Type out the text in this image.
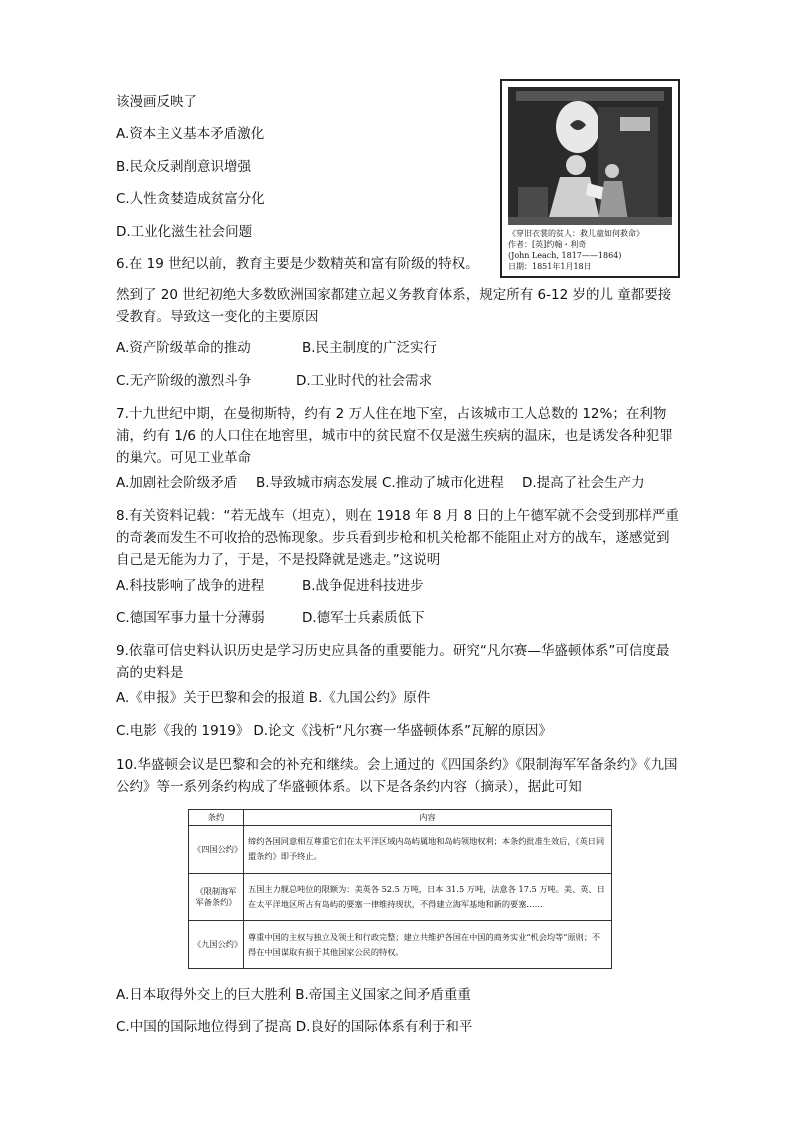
该漫画反映了
A.资本主义基本矛盾激化
B.民众反剥削意识增强
C.人性贪婪造成贫富分化
D.工业化滋生社会问题	《穿旧衣裳的贫人：救儿童如何救命》
作者：[英]约翰・利奇
(John Leach, 1817——1864)
日期：1851年1月18日
6.在 19 世纪以前，教育主要是少数精英和富有阶级的特权。
然到了 20 世纪初绝大多数欧洲国家都建立起义务教育体系，规定所有 6-12 岁的儿 童都要接受教育。导致这一变化的主要原因
A.资产阶级革命的推动	B.民主制度的广泛实行
C.无产阶级的激烈斗争	D.工业时代的社会需求
7.十九世纪中期，在曼彻斯特，约有 2 万人住在地下室，占该城市工人总数的 12%；在利物浦，约有 1/6 的人口住在地窖里，城市中的贫民窟不仅是滋生疾病的温床，也是诱发各种犯罪的巢穴。可见工业革命
A.加剧社会阶级矛盾 B.导致城市病态发展 C.推动了城市化进程 D.提高了社会生产力
8.有关资料记载：“若无战车（坦克），则在 1918 年 8 月 8 日的上午德军就不会受到那样严重的奇袭而发生不可收拾的恐怖现象。步兵看到步枪和机关枪都不能阻止对方的战车，遂感觉到自己是无能为力了，于是，不是投降就是逃走。”这说明
A.科技影响了战争的进程	B.战争促进科技进步
C.德国军事力量十分薄弱	D.德军士兵素质低下
9.依靠可信史料认识历史是学习历史应具备的重要能力。研究“凡尔赛—华盛顿体系”可信度最高的史料是
A.《申报》关于巴黎和会的报道 B.《九国公约》原件
C.电影《我的 1919》 D.论文《浅析“凡尔赛一华盛顿体系”瓦解的原因》
10.华盛顿会议是巴黎和会的补充和继续。会上通过的《四国条约》《限制海军军备条约》《九国公约》等一系列条约构成了华盛顿体系。以下是各条约内容（摘录），据此可知
条约	内容
《四国公约》	缔约各国同意相互尊重它们在太平洋区域内岛屿属地和岛屿领地权利；本条约批准生效后，《英日同盟条约》即予终止。
《限制海军军备条约》	五国主力舰总吨位的限额为：美英各 52.5 万吨，日本 31.5 万吨，法意各 17.5 万吨。美、英、日在太平洋地区所占有岛屿的要塞一律维持现状，不得建立海军基地和新的要塞……
《九国公约》	尊重中国的主权与独立及领土和行政完整；建立共维护各国在中国的商务实业“机会均等”原则；不得在中国谋取有损于其他国家公民的特权。
A.日本取得外交上的巨大胜利 B.帝国主义国家之间矛盾重重
C.中国的国际地位得到了提高 D.良好的国际体系有利于和平
